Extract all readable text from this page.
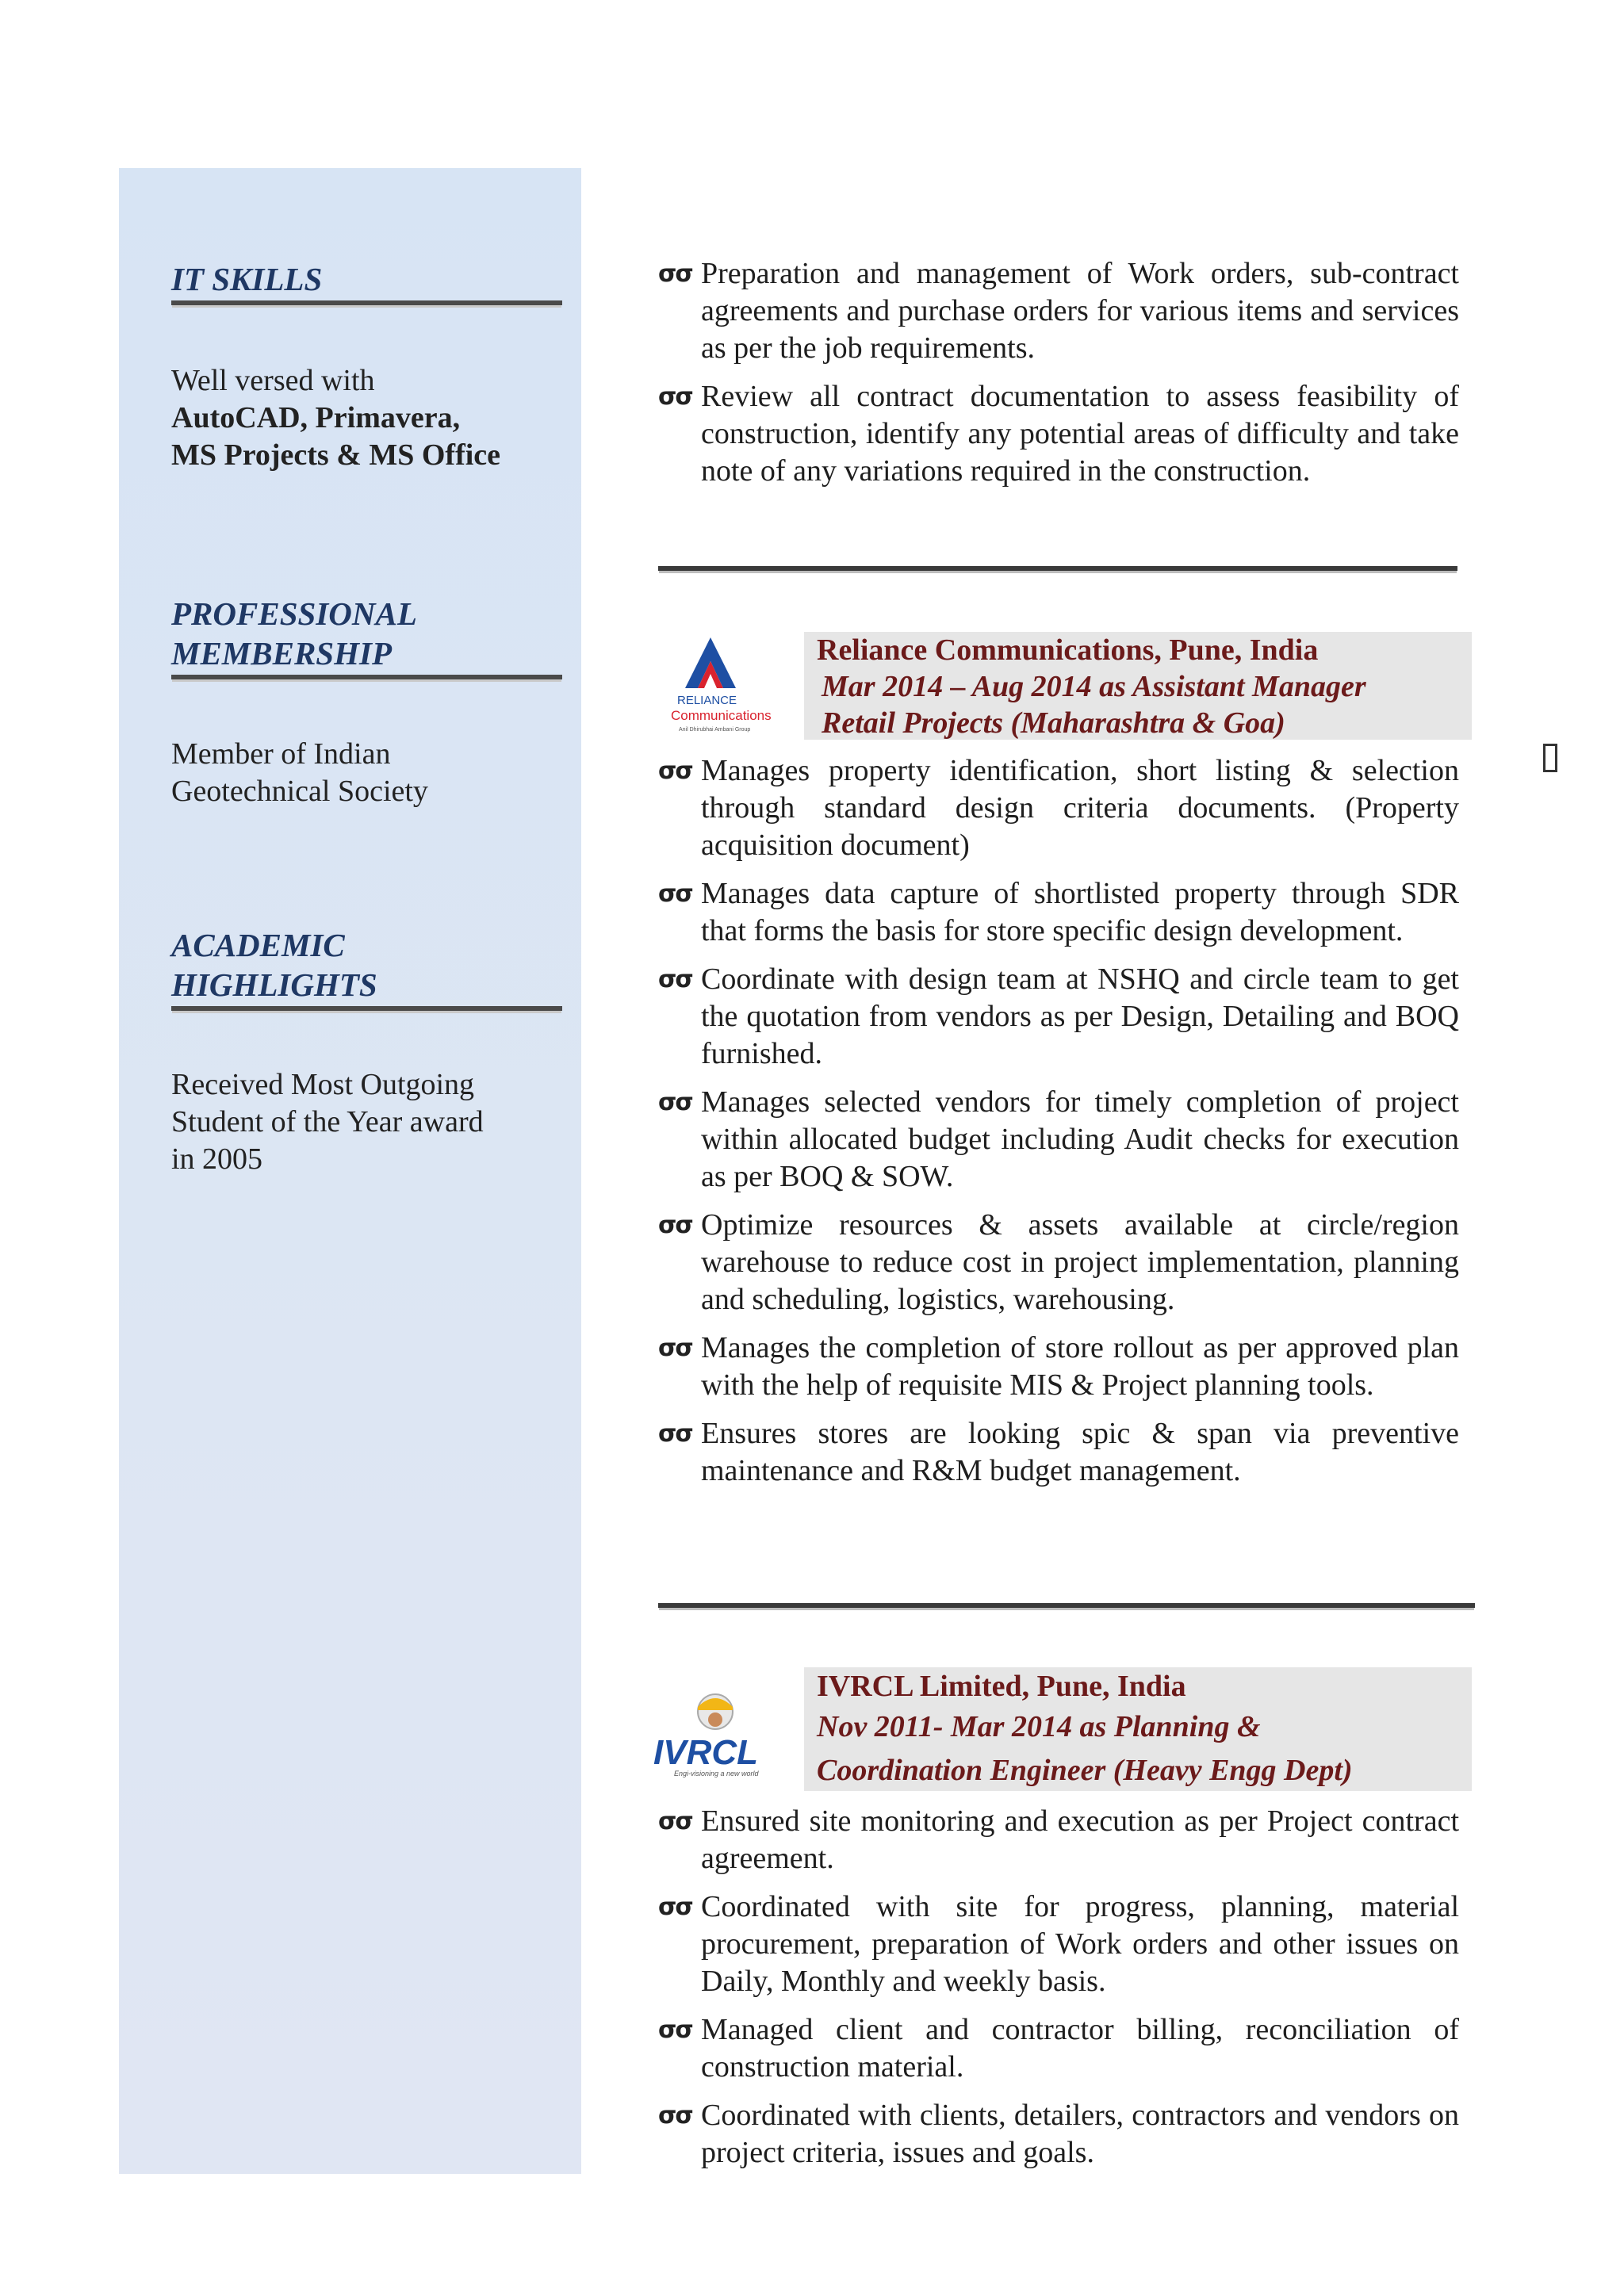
IT SKILLS
Well versed with
AutoCAD, Primavera,
MS Projects & MS Office
PROFESSIONAL
MEMBERSHIP
Member of Indian
Geotechnical Society
ACADEMIC
HIGHLIGHTS
Received Most Outgoing
Student of the Year award
in 2005
σσ Preparation and management of Work orders, sub-contract agreements and purchase orders for various items and services as per the job requirements.
σσ Review all contract documentation to assess feasibility of construction, identify any potential areas of difficulty and take note of any variations required in the construction.
RELIANCE
Communications
Anil Dhirubhai Ambani Group
Reliance Communications, Pune, India
Mar 2014 – Aug 2014 as Assistant Manager
Retail Projects (Maharashtra & Goa)
σσ Manages property identification, short listing & selection through standard design criteria documents. (Property acquisition document)
σσ Manages data capture of shortlisted property through SDR that forms the basis for store specific design development.
σσ Coordinate with design team at NSHQ and circle team to get the quotation from vendors as per Design, Detailing and BOQ furnished.
σσ Manages selected vendors for timely completion of project within allocated budget including Audit checks for execution as per BOQ & SOW.
σσ Optimize resources & assets available at circle/region warehouse to reduce cost in project implementation, planning and scheduling, logistics, warehousing.
σσ Manages the completion of store rollout as per approved plan with the help of requisite MIS & Project planning tools.
σσ Ensures stores are looking spic & span via preventive maintenance and R&M budget management.
IVRCL
Engi-visioning a new world
IVRCL Limited, Pune, India
Nov 2011- Mar 2014 as Planning &
Coordination Engineer (Heavy Engg Dept)
σσ Ensured site monitoring and execution as per Project contract agreement.
σσ Coordinated with site for progress, planning, material procurement, preparation of Work orders and other issues on Daily, Monthly and weekly basis.
σσ Managed client and contractor billing, reconciliation of construction material.
σσ Coordinated with clients, detailers, contractors and vendors on project criteria, issues and goals.
